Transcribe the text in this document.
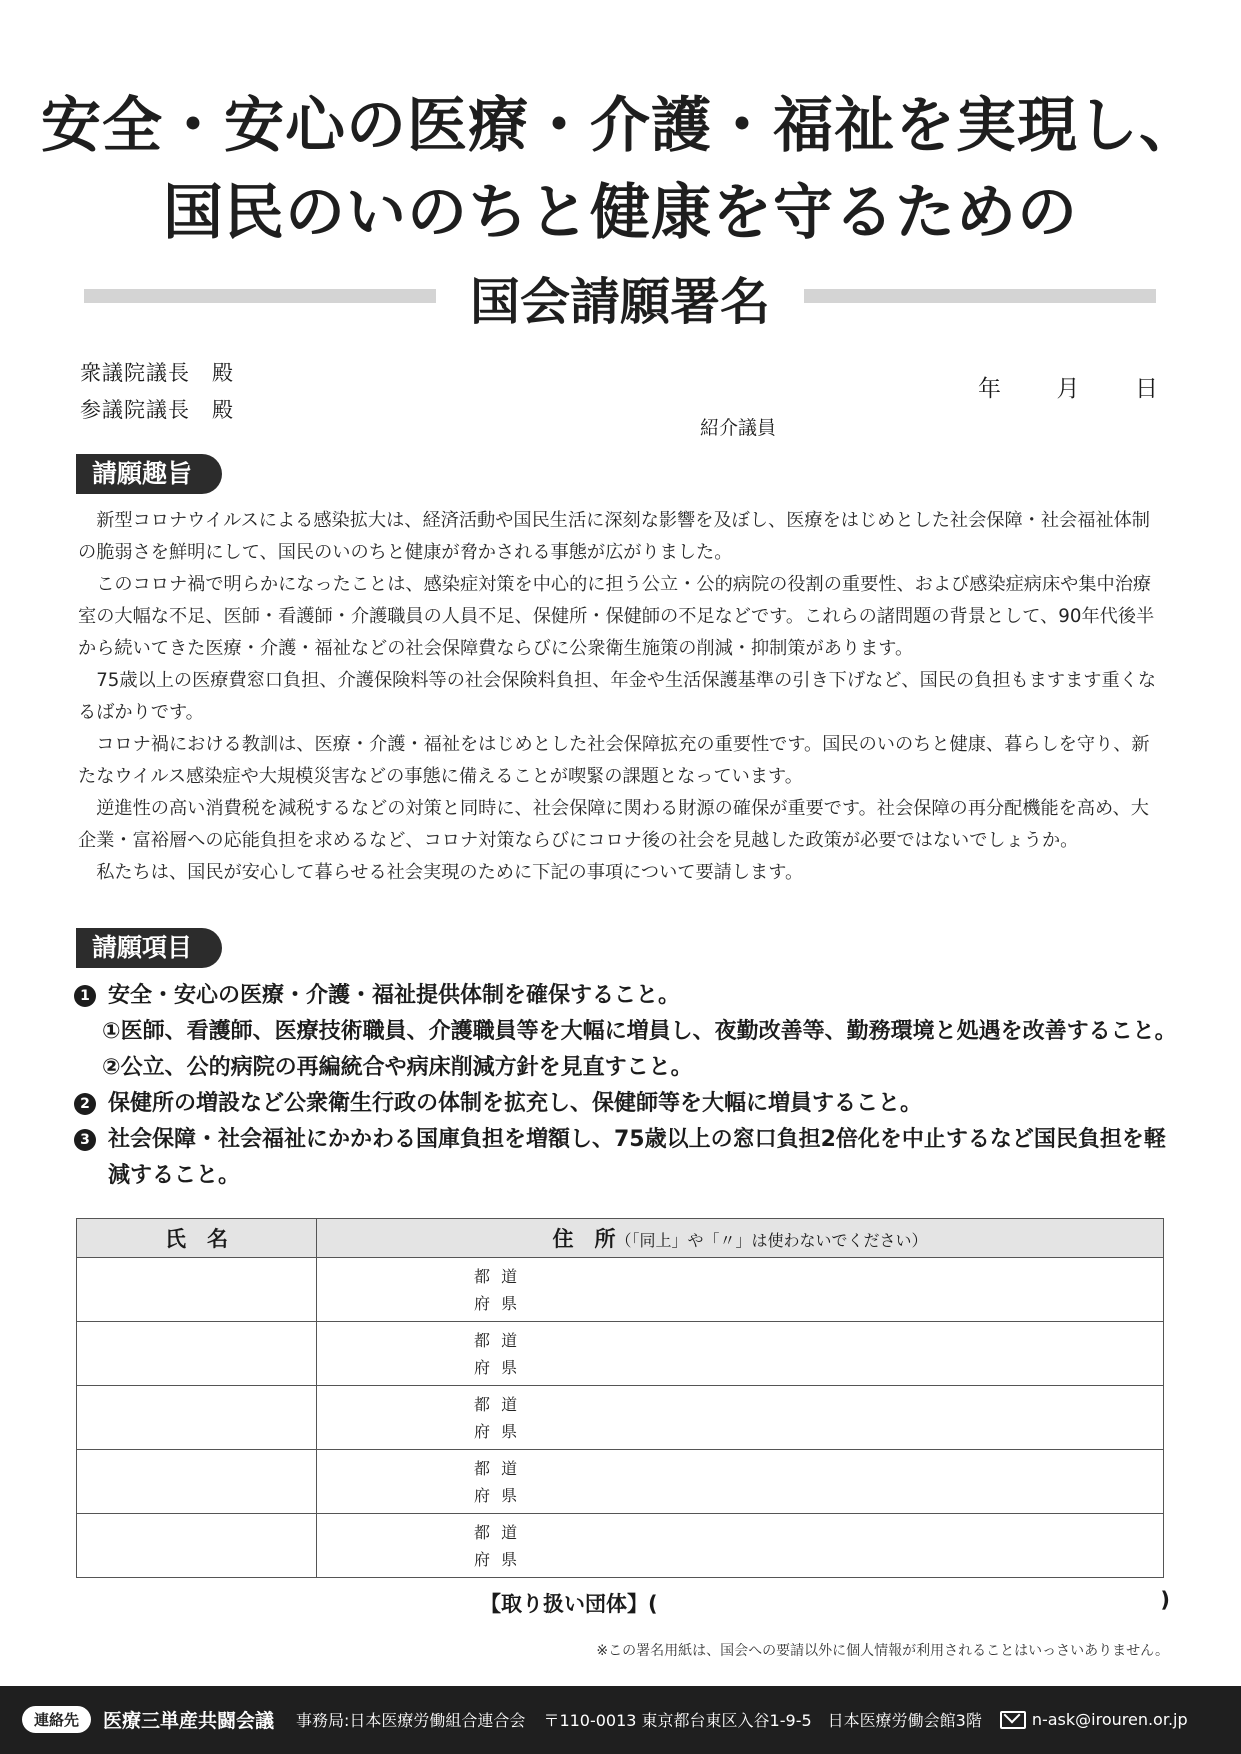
安全・安心の医療・介護・福祉を実現し、
国民のいのちと健康を守るための
国会請願署名
衆議院議長　殿
参議院議長　殿
年 月 日
紹介議員
請願趣旨

新型コロナウイルスによる感染拡大は、経済活動や国民生活に深刻な影響を及ぼし、医療をはじめとした社会保障・社会福祉体制の脆弱さを鮮明にして、国民のいのちと健康が脅かされる事態が広がりました。

このコロナ禍で明らかになったことは、感染症対策を中心的に担う公立・公的病院の役割の重要性、および感染症病床や集中治療室の大幅な不足、医師・看護師・介護職員の人員不足、保健所・保健師の不足などです。これらの諸問題の背景として、90年代後半から続いてきた医療・介護・福祉などの社会保障費ならびに公衆衛生施策の削減・抑制策があります。

75歳以上の医療費窓口負担、介護保険料等の社会保険料負担、年金や生活保護基準の引き下げなど、国民の負担もますます重くなるばかりです。

コロナ禍における教訓は、医療・介護・福祉をはじめとした社会保障拡充の重要性です。国民のいのちと健康、暮らしを守り、新たなウイルス感染症や大規模災害などの事態に備えることが喫緊の課題となっています。

逆進性の高い消費税を減税するなどの対策と同時に、社会保障に関わる財源の確保が重要です。社会保障の再分配機能を高め、大企業・富裕層への応能負担を求めるなど、コロナ対策ならびにコロナ後の社会を見越した政策が必要ではないでしょうか。

私たちは、国民が安心して暮らせる社会実現のために下記の事項について要請します。

請願項目
1 安全・安心の医療・介護・福祉提供体制を確保すること。
①医師、看護師、医療技術職員、介護職員等を大幅に増員し、夜勤改善等、勤務環境と処遇を改善すること。
②公立、公的病院の再編統合や病床削減方針を見直すこと。
2 保健所の増設など公衆衛生行政の体制を拡充し、保健師等を大幅に増員すること。
3 社会保障・社会福祉にかかわる国庫負担を増額し、75歳以上の窓口負担2倍化を中止するなど国民負担を軽減すること。
氏　名	住　所（「同上」や「〃」は使わないでください）

	都 道
府 県

	都 道
府 県

	都 道
府 県

	都 道
府 県

	都 道
府 県
【取り扱い団体】(	)
※この署名用紙は、国会への要請以外に個人情報が利用されることはいっさいありません。
連絡先	医療三単産共闘会議 事務局:日本医療労働組合連合会 〒110-0013 東京都台東区入谷1-9-5　日本医療労働会館3階	n-ask@irouren.or.jp
